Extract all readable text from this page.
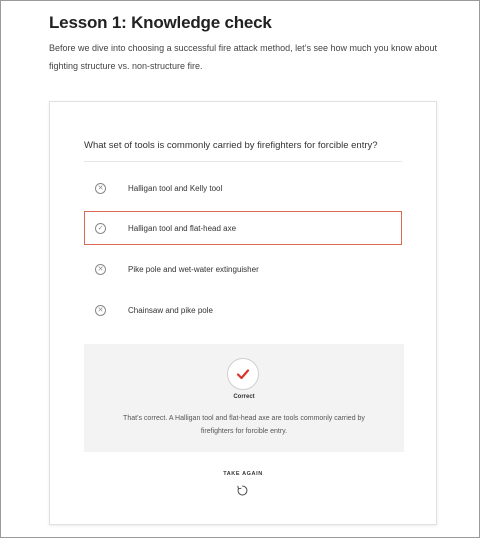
Lesson 1: Knowledge check

Before we dive into choosing a successful fire attack method, let’s see how much you know about fighting structure vs. non-structure fire.

What set of tools is commonly carried by firefighters for forcible entry?

✕	Halligan tool and Kelly tool
✓	Halligan tool and flat-head axe
✕	Pike pole and wet-water extinguisher
✕	Chainsaw and pike pole
Correct

That’s correct. A Halligan tool and flat-head axe are tools commonly carried by firefighters for forcible entry.

TAKE AGAIN
